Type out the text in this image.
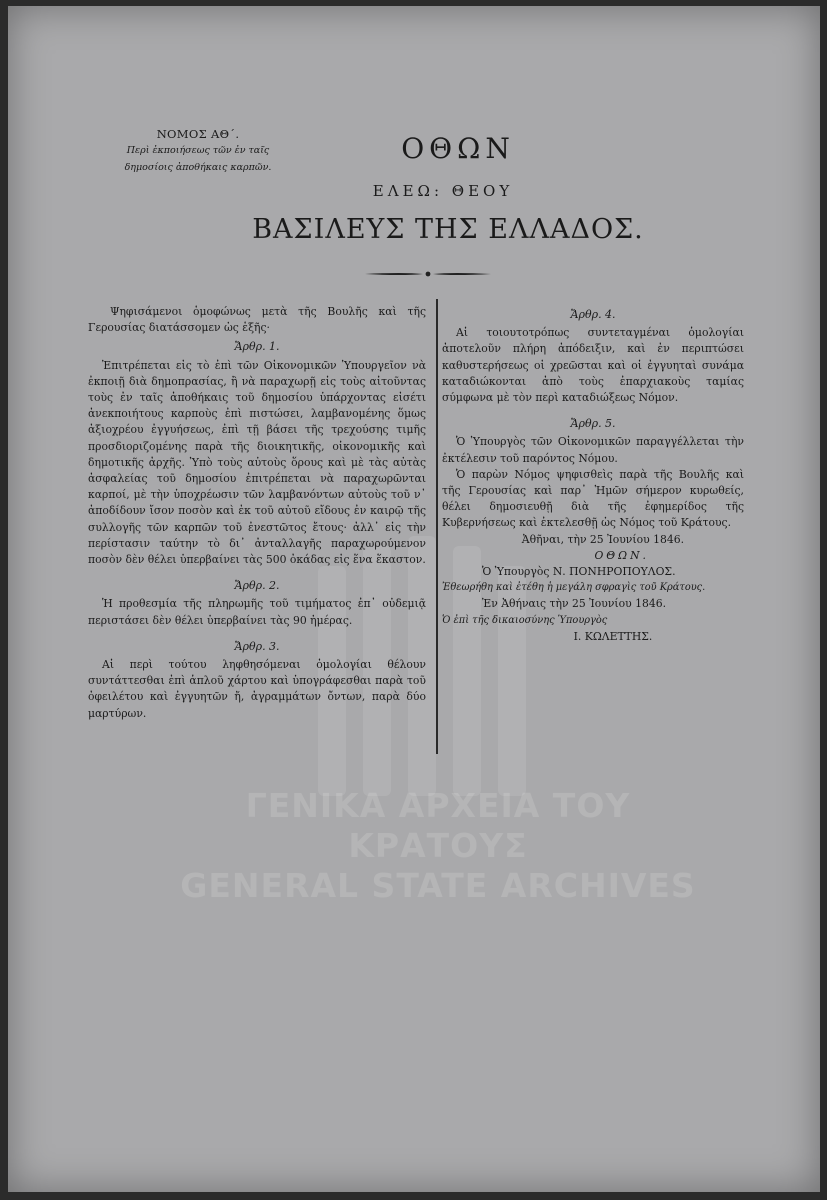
ΝΟΜΟΣ ΑΘ΄.
Περὶ ἐκποιήσεως τῶν ἐν ταῖς
δημοσίοις ἀποθήκαις καρπῶν.
ΟΘΩΝ
ΕΛΕΩ: ΘΕΟΥ
ΒΑΣΙΛΕΥΣ ΤΗΣ ΕΛΛΑΔΟΣ.

Ψηφισάμενοι ὁμοφώνως μετὰ τῆς Βουλῆς καὶ τῆς Γερουσίας διατάσσομεν ὡς ἑξῆς·

Ἄρθρ. 1.

Ἐπιτρέπεται εἰς τὸ ἐπὶ τῶν Οἰκονομικῶν Ὑπουργεῖον νὰ ἐκποιῇ διὰ δημοπρασίας, ἢ νὰ παραχωρῇ εἰς τοὺς αἰτοῦντας τοὺς ἐν ταῖς ἀποθήκαις τοῦ δημοσίου ὑπάρχοντας εἰσέτι ἀνεκποιήτους καρποὺς ἐπὶ πιστώσει, λαμβανομένης ὅμως ἀξιοχρέου ἐγγυήσεως, ἐπὶ τῇ βάσει τῆς τρεχούσης τιμῆς προσδιοριζομένης παρὰ τῆς διοικητικῆς, οἰκονομικῆς καὶ δημοτικῆς ἀρχῆς. Ὑπὸ τοὺς αὐτοὺς ὅρους καὶ μὲ τὰς αὐτὰς ἀσφαλείας τοῦ δημοσίου ἐπιτρέπεται νὰ παραχωρῶνται καρποί, μὲ τὴν ὑποχρέωσιν τῶν λαμβανόντων αὐτοὺς τοῦ ν᾿ ἀποδίδουν ἴσον ποσὸν καὶ ἐκ τοῦ αὐτοῦ εἴδους ἐν καιρῷ τῆς συλλογῆς τῶν καρπῶν τοῦ ἐνεστῶτος ἔτους· ἀλλ᾿ εἰς τὴν περίστασιν ταύτην τὸ δι᾿ ἀνταλλαγῆς παραχωρούμενον ποσὸν δὲν θέλει ὑπερβαίνει τὰς 500 ὀκάδας εἰς ἕνα ἕκαστον.

Ἄρθρ. 2.

Ἡ προθεσμία τῆς πληρωμῆς τοῦ τιμήματος ἐπ᾿ οὐδεμιᾷ περιστάσει δὲν θέλει ὑπερβαίνει τὰς 90 ἡμέρας.

Ἄρθρ. 3.

Αἱ περὶ τούτου ληφθησόμεναι ὁμολογίαι θέλουν συντάττεσθαι ἐπὶ ἁπλοῦ χάρτου καὶ ὑπογράφεσθαι παρὰ τοῦ ὀφειλέτου καὶ ἐγγυητῶν ἤ, ἀγραμμάτων ὄντων, παρὰ δύο μαρτύρων.

Ἄρθρ. 4.

Αἱ τοιουτοτρόπως συντεταγμέναι ὁμολογίαι ἀποτελοῦν πλήρη ἀπόδειξιν, καὶ ἐν περιπτώσει καθυστερήσεως οἱ χρεῶσται καὶ οἱ ἐγγυηταὶ συνάμα καταδιώκονται ἀπὸ τοὺς ἐπαρχιακοὺς ταμίας σύμφωνα μὲ τὸν περὶ καταδιώξεως Νόμον.

Ἄρθρ. 5.

Ὁ Ὑπουργὸς τῶν Οἰκονομικῶν παραγγέλλεται τὴν ἐκτέλεσιν τοῦ παρόντος Νόμου.

Ὁ παρὼν Νόμος ψηφισθεὶς παρὰ τῆς Βουλῆς καὶ τῆς Γερουσίας καὶ παρ᾿ Ἡμῶν σήμερον κυρωθείς, θέλει δημοσιευθῇ διὰ τῆς ἐφημερίδος τῆς Κυβερνήσεως καὶ ἐκτελεσθῇ ὡς Νόμος τοῦ Κράτους.

Ἀθῆναι, τὴν 25 Ἰουνίου 1846.

ΟΘΩΝ.

Ὁ Ὑπουργὸς Ν. ΠΟΝΗΡΟΠΟΥΛΟΣ.

Ἐθεωρήθη καὶ ἐτέθη ἡ μεγάλη σφραγὶς τοῦ Κράτους.

Ἐν Ἀθήναις τὴν 25 Ἰουνίου 1846.

Ὁ ἐπὶ τῆς δικαιοσύνης Ὑπουργὸς

Ι. ΚΩΛΕΤΤΗΣ.

ΓΕΝΙΚΑ ΑΡΧΕΙΑ ΤΟΥ ΚΡΑΤΟΥΣ
GENERAL STATE ARCHIVES
